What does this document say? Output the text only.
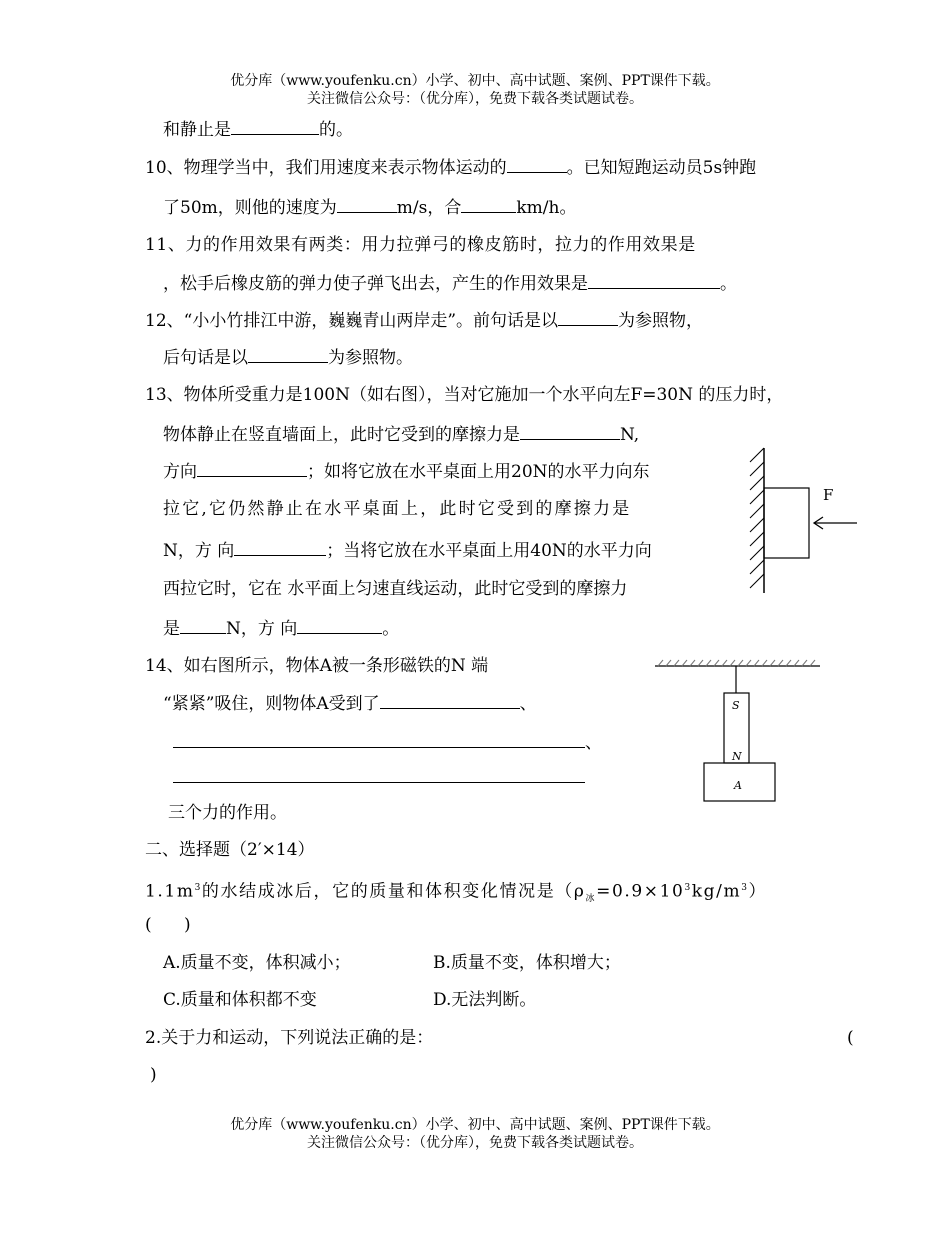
优分库（www.youfenku.cn）小学、初中、高中试题、案例、PPT课件下载。
关注微信公众号：（优分库），免费下载各类试题试卷。
和静止是	的。
10、物理学当中，我们用速度来表示物体运动的	。已知短跑运动员5s钟跑
了50m，则他的速度为	m/s，合	km/h。
11、力的作用效果有两类：用力拉弹弓的橡皮筋时，拉力的作用效果是
，松手后橡皮筋的弹力使子弹飞出去，产生的作用效果是	。
12、“小小竹排江中游，巍巍青山两岸走”。前句话是以	为参照物，
后句话是以	为参照物。
13、物体所受重力是100N（如右图），当对它施加一个水平向左F=30N 的压力时，
物体静止在竖直墙面上，此时它受到的摩擦力是	N,
方向	；如将它放在水平桌面上用20N的水平力向东
拉它,它仍然静止在水平桌面上，此时它受到的摩擦力是
N，方 向	；当将它放在水平桌面上用40N的水平力向
西拉它时，它在 水平面上匀速直线运动，此时它受到的摩擦力
是	N，方 向	。
F
14、如右图所示，物体A被一条形磁铁的N 端
“紧紧”吸住，则物体A受到了	、
、
三个力的作用。
S
N
A
二、选择题（2′×14）
$1.1m^3$的水结成冰后，它的质量和体积变化情况是$(\rho_冰=0.9\times 10^3kg/m^3)$
(      )
A.质量不变，体积减小；	B.质量不变，体积增大；
C.质量和体积都不变	D.无法判断。
2.关于力和运动，下列说法正确的是：	(
)
优分库（www.youfenku.cn）小学、初中、高中试题、案例、PPT课件下载。
关注微信公众号：（优分库），免费下载各类试题试卷。
